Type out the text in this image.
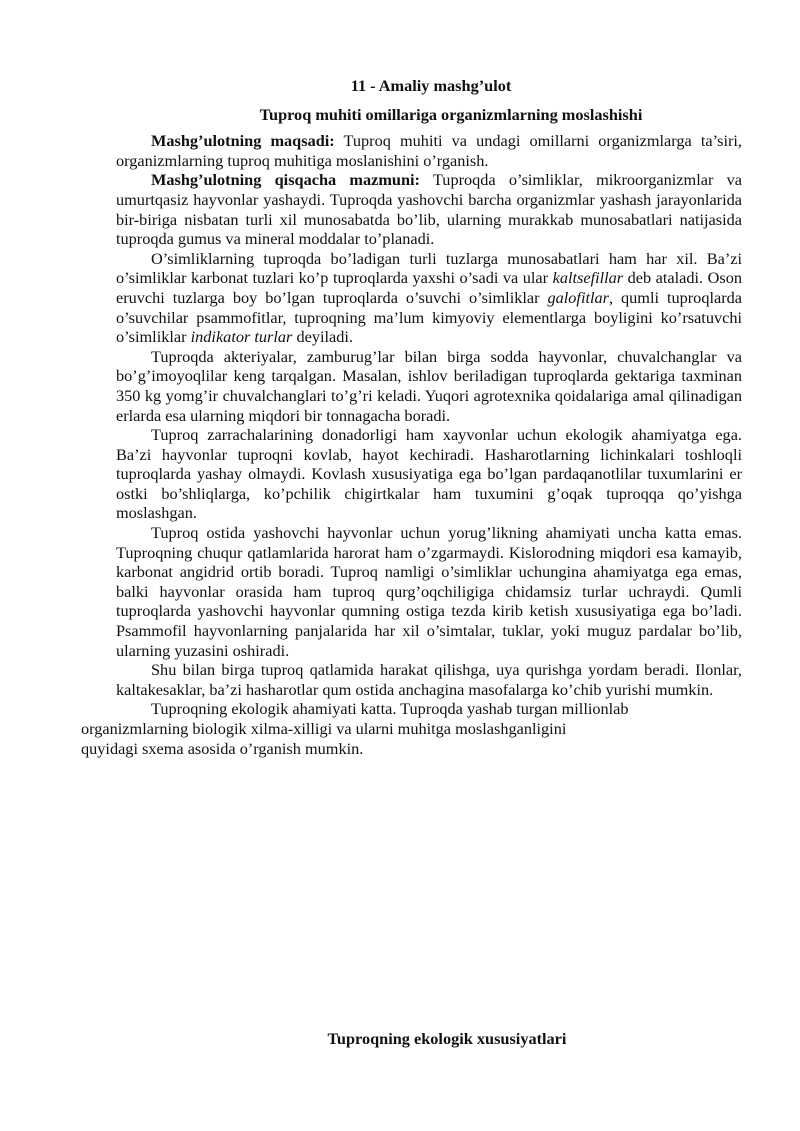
11 - Amaliy mashg’ulot
Tuproq muhiti omillariga organizmlarning moslashishi

Mashg’ulotning maqsadi: Tuproq muhiti va undagi omillarni organizmlarga ta’siri, organizmlarning tuproq muhitiga moslanishini o’rganish.

Mashg’ulotning qisqacha mazmuni: Tuproqda o’simliklar, mikroorganizmlar va umurtqasiz hayvonlar yashaydi. Tuproqda yashovchi barcha organizmlar yashash jarayonlarida bir-biriga nisbatan turli xil munosabatda bo’lib, ularning murakkab munosabatlari natijasida tuproqda gumus va mineral moddalar to’planadi.

O’simliklarning tuproqda bo’ladigan turli tuzlarga munosabatlari ham har xil. Ba’zi o’simliklar karbonat tuzlari ko’p tuproqlarda yaxshi o’sadi va ular kaltsefillar deb ataladi. Oson eruvchi tuzlarga boy bo’lgan tuproqlarda o’suvchi o’simliklar galofitlar, qumli tuproqlarda o’suvchilar psammofitlar, tuproqning ma’lum kimyoviy elementlarga boyligini ko’rsatuvchi o’simliklar indikator turlar deyiladi.

Tuproqda akteriyalar, zamburug’lar bilan birga sodda hayvonlar, chuvalchanglar va bo’g’imoyoqlilar keng tarqalgan. Masalan, ishlov beriladigan tuproqlarda gektariga taxminan 350 kg yomg’ir chuvalchanglari to’g’ri keladi. Yuqori agrotexnika qoidalariga amal qilinadigan erlarda esa ularning miqdori bir tonnagacha boradi.

Tuproq zarrachalarining donadorligi ham xayvonlar uchun ekologik ahamiyatga ega. Ba’zi hayvonlar tuproqni kovlab, hayot kechiradi. Hasharotlarning lichinkalari toshloqli tuproqlarda yashay olmaydi. Kovlash xususiyatiga ega bo’lgan pardaqanotlilar tuxumlarini er ostki bo’shliqlarga, ko’pchilik chigirtkalar ham tuxumini g’oqak tuproqqa qo’yishga moslashgan.

Tuproq ostida yashovchi hayvonlar uchun yorug’likning ahamiyati uncha katta emas. Tuproqning chuqur qatlamlarida harorat ham o’zgarmaydi. Kislorodning miqdori esa kamayib, karbonat angidrid ortib boradi. Tuproq namligi o’simliklar uchungina ahamiyatga ega emas, balki hayvonlar orasida ham tuproq qurg’oqchiligiga chidamsiz turlar uchraydi. Qumli tuproqlarda yashovchi hayvonlar qumning ostiga tezda kirib ketish xususiyatiga ega bo’ladi. Psammofil hayvonlarning panjalarida har xil o’simtalar, tuklar, yoki muguz pardalar bo’lib, ularning yuzasini oshiradi.

Shu bilan birga tuproq qatlamida harakat qilishga, uya qurishga yordam beradi. Ilonlar, kaltakesaklar, ba’zi hasharotlar qum ostida anchagina masofalarga ko’chib yurishi mumkin.

Tuproqning ekologik ahamiyati katta. Tuproqda yashab turgan millionlab
organizmlarning biologik xilma-xilligi va ularni muhitga moslashganligini
quyidagi sxema asosida o’rganish mumkin.

Tuproqning ekologik xususiyatlari
